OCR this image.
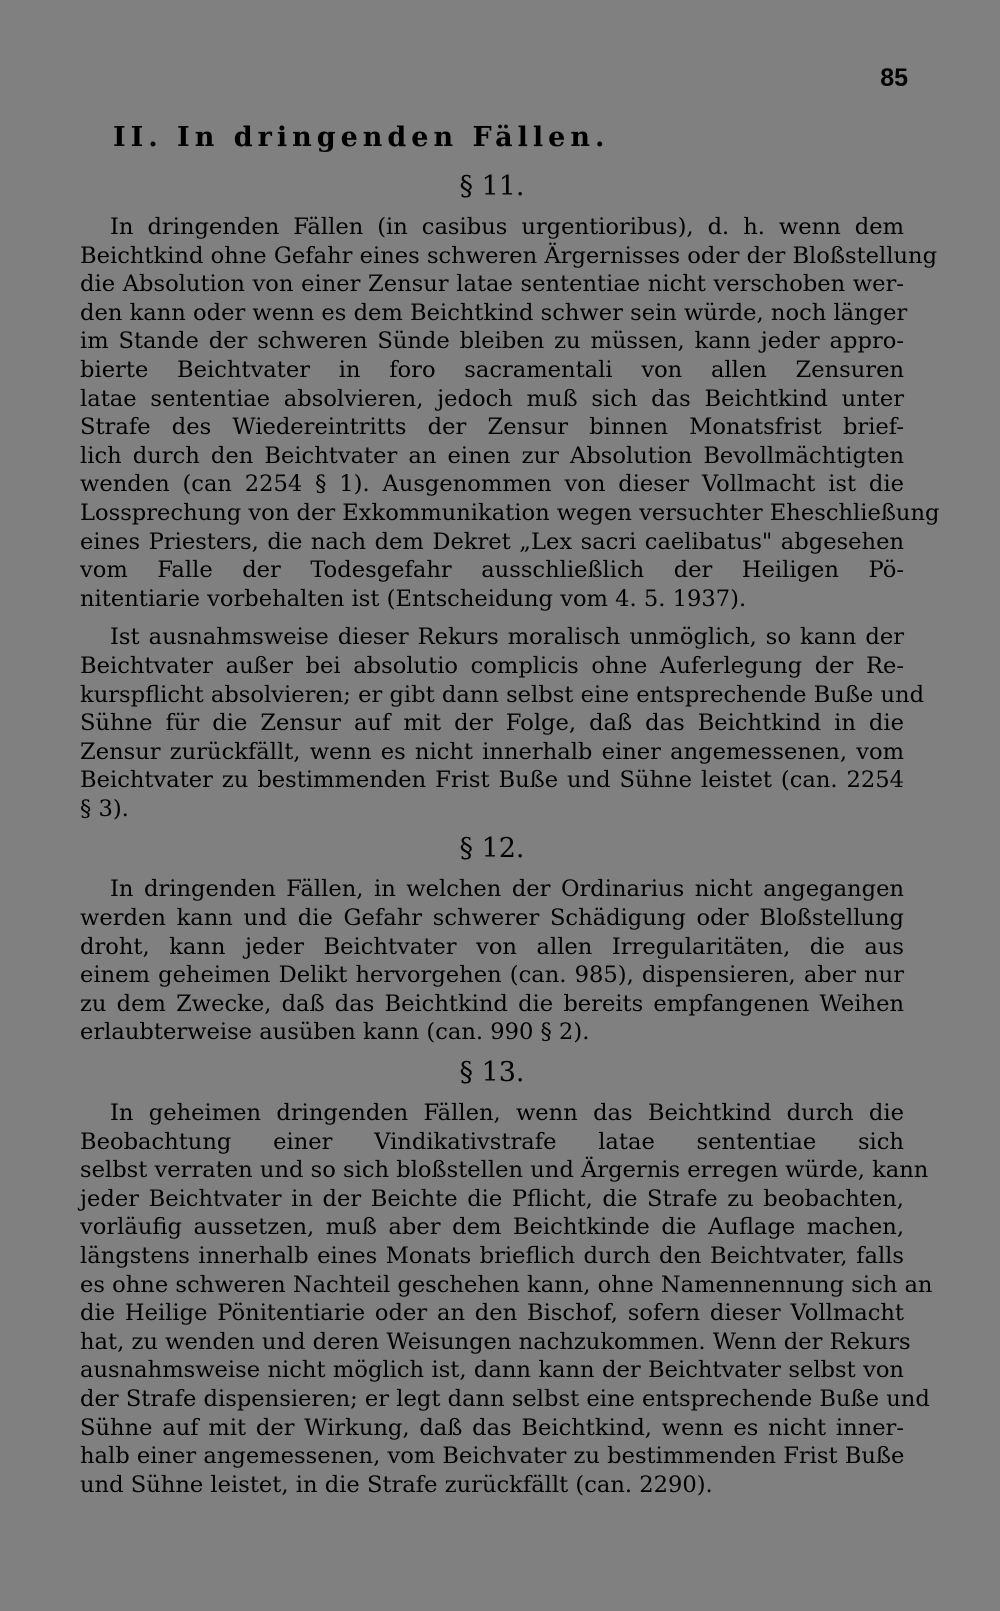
85
II. In dringenden Fällen.
§ 11.

In dringenden Fällen (in casibus urgentioribus), d. h. wenn dem
Beichtkind ohne Gefahr eines schweren Ärgernisses oder der Bloßstellung
die Absolution von einer Zensur latae sententiae nicht verschoben wer-
den kann oder wenn es dem Beichtkind schwer sein würde, noch länger
im Stande der schweren Sünde bleiben zu müssen, kann jeder appro-
bierte Beichtvater in foro sacramentali von allen Zensuren
latae sententiae absolvieren, jedoch muß sich das Beichtkind unter
Strafe des Wiedereintritts der Zensur binnen Monatsfrist brief-
lich durch den Beichtvater an einen zur Absolution Bevollmächtigten
wenden (can 2254 § 1). Ausgenommen von dieser Vollmacht ist die
Lossprechung von der Exkommunikation wegen versuchter Eheschließung
eines Priesters, die nach dem Dekret „Lex sacri caelibatus" abgesehen
vom Falle der Todesgefahr ausschließlich der Heiligen Pö-
nitentiarie vorbehalten ist (Entscheidung vom 4. 5. 1937).

Ist ausnahmsweise dieser Rekurs moralisch unmöglich, so kann der
Beichtvater außer bei absolutio complicis ohne Auferlegung der Re-
kurspflicht absolvieren; er gibt dann selbst eine entsprechende Buße und
Sühne für die Zensur auf mit der Folge, daß das Beichtkind in die
Zensur zurückfällt, wenn es nicht innerhalb einer angemessenen, vom
Beichtvater zu bestimmenden Frist Buße und Sühne leistet (can. 2254
§ 3).

§ 12.

In dringenden Fällen, in welchen der Ordinarius nicht angegangen
werden kann und die Gefahr schwerer Schädigung oder Bloßstellung
droht, kann jeder Beichtvater von allen Irregularitäten, die aus
einem geheimen Delikt hervorgehen (can. 985), dispensieren, aber nur
zu dem Zwecke, daß das Beichtkind die bereits empfangenen Weihen
erlaubterweise ausüben kann (can. 990 § 2).

§ 13.

In geheimen dringenden Fällen, wenn das Beichtkind durch die
Beobachtung einer Vindikativstrafe latae sententiae sich
selbst verraten und so sich bloßstellen und Ärgernis erregen würde, kann
jeder Beichtvater in der Beichte die Pflicht, die Strafe zu beobachten,
vorläufig aussetzen, muß aber dem Beichtkinde die Auflage machen,
längstens innerhalb eines Monats brieflich durch den Beichtvater, falls
es ohne schweren Nachteil geschehen kann, ohne Namennennung sich an
die Heilige Pönitentiarie oder an den Bischof, sofern dieser Vollmacht
hat, zu wenden und deren Weisungen nachzukommen. Wenn der Rekurs
ausnahmsweise nicht möglich ist, dann kann der Beichtvater selbst von
der Strafe dispensieren; er legt dann selbst eine entsprechende Buße und
Sühne auf mit der Wirkung, daß das Beichtkind, wenn es nicht inner-
halb einer angemessenen, vom Beichvater zu bestimmenden Frist Buße
und Sühne leistet, in die Strafe zurückfällt (can. 2290).
